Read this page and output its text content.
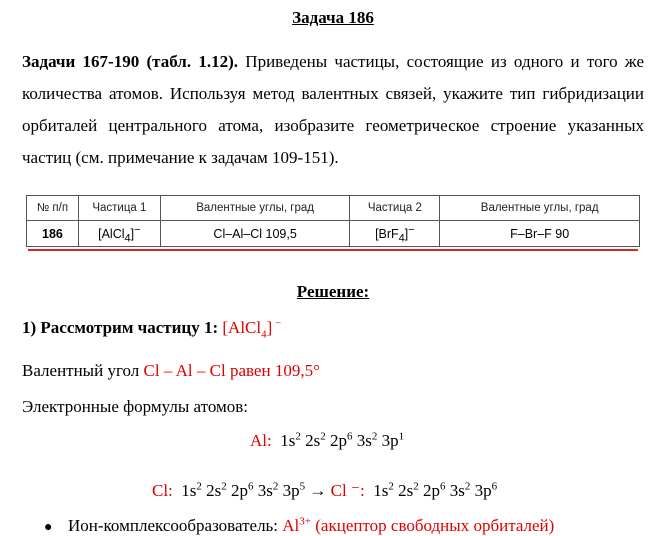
Задача 186
Задачи 167-190 (табл. 1.12). Приведены частицы, состоящие из одного и того же количества атомов. Используя метод валентных связей, укажите тип гибридизации орбиталей центрального атома, изобразите геометрическое строение указанных частиц (см. примечание к задачам 109-151).
№ п/п	Частица 1	Валентные углы, град	Частица 2	Валентные углы, град
186	[AlCl$_4$]−	Cl–Al–Cl 109,5	[BrF$_4$]−	F–Br–F 90
Решение:
1) Рассмотрим частицу 1: [AlCl$_4$] −
Валентный угол Cl – Al – Cl равен 109,5°
Электронные формулы атомов:
Al: $1s^2$ $2s^2$ $2p^6$ $3s^2$ $3p^1$
Cl: $1s^2$ $2s^2$ $2p^6$ $3s^2$ $3p^5 \to Cl$ ⁻: $1s^2$ $2s^2$ $2p^6$ $3s^2$ $3p^6$
● Ион-комплексообразователь: $Al^{3+}$ (акцептор свободных орбиталей)
